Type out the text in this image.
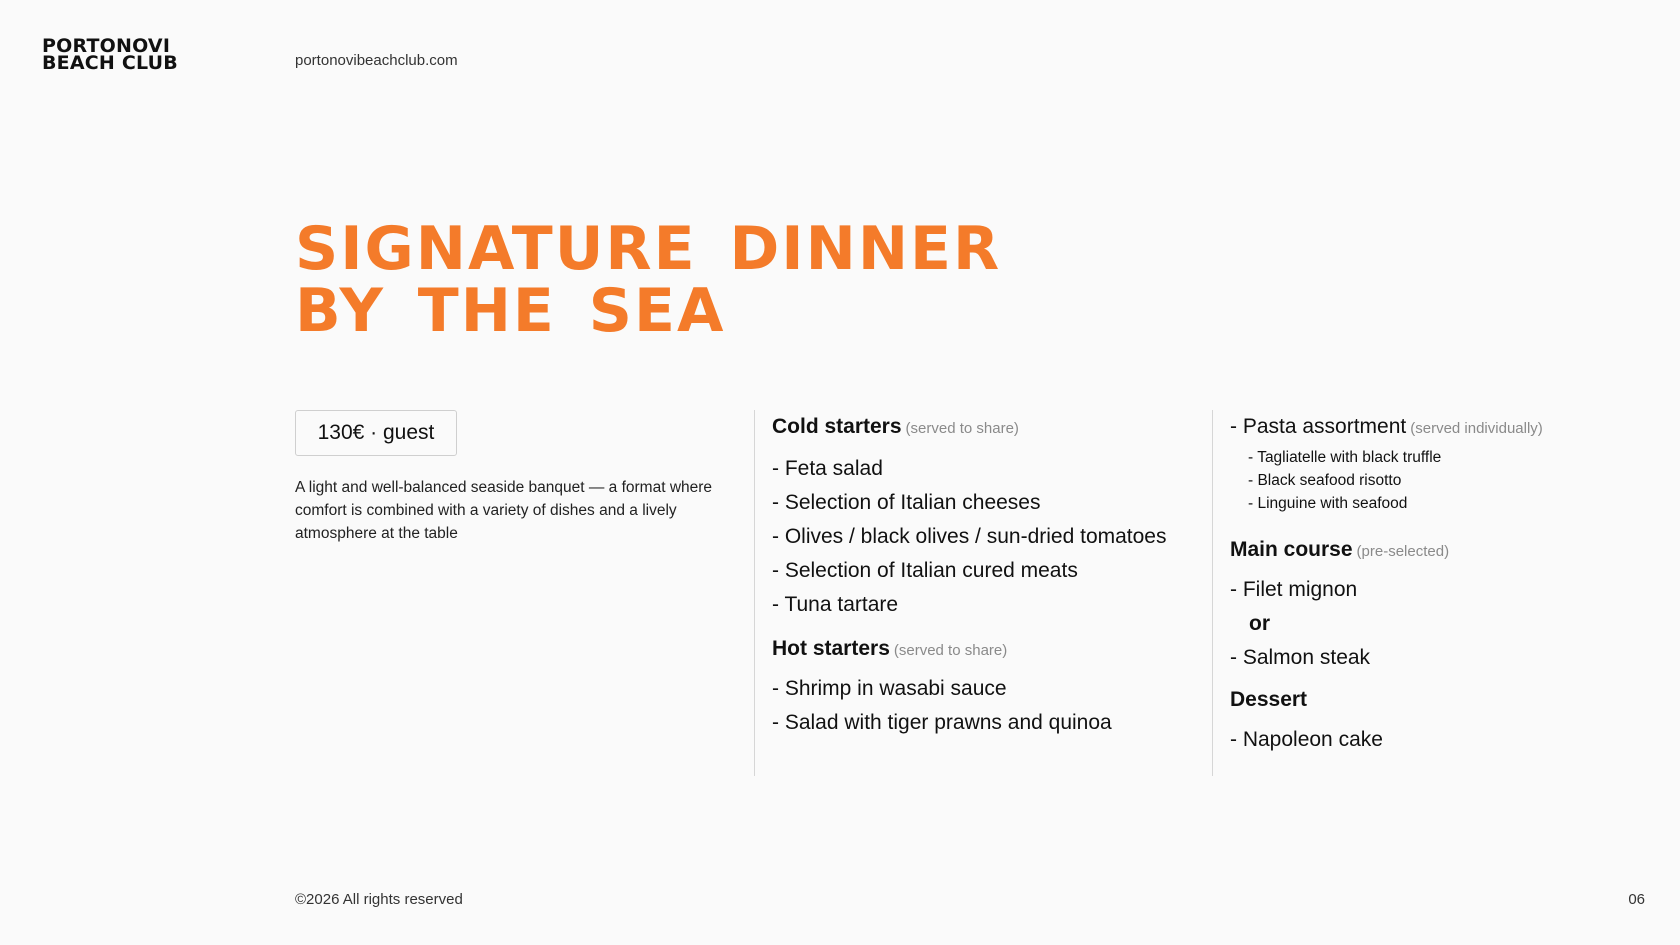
PORTONOVI
BEACH CLUB	portonovibeachclub.com
SIGNATURE DINNER
BY THE SEA
130€ · guest

A light and well-balanced seaside banquet — a format where comfort is combined with a variety of dishes and a lively atmosphere at the table

Cold starters (served to share)

- Feta salad

- Selection of Italian cheeses

- Olives / black olives / sun-dried tomatoes

- Selection of Italian cured meats

- Tuna tartare

Hot starters (served to share)

- Shrimp in wasabi sauce

- Salad with tiger prawns and quinoa

- Pasta assortment (served individually)
- Tagliatelle with black truffle
- Black seafood risotto
- Linguine with seafood
Main course (pre-selected)

- Filet mignon

or

- Salmon steak

Dessert

- Napoleon cake

©2026 All rights reserved	06
